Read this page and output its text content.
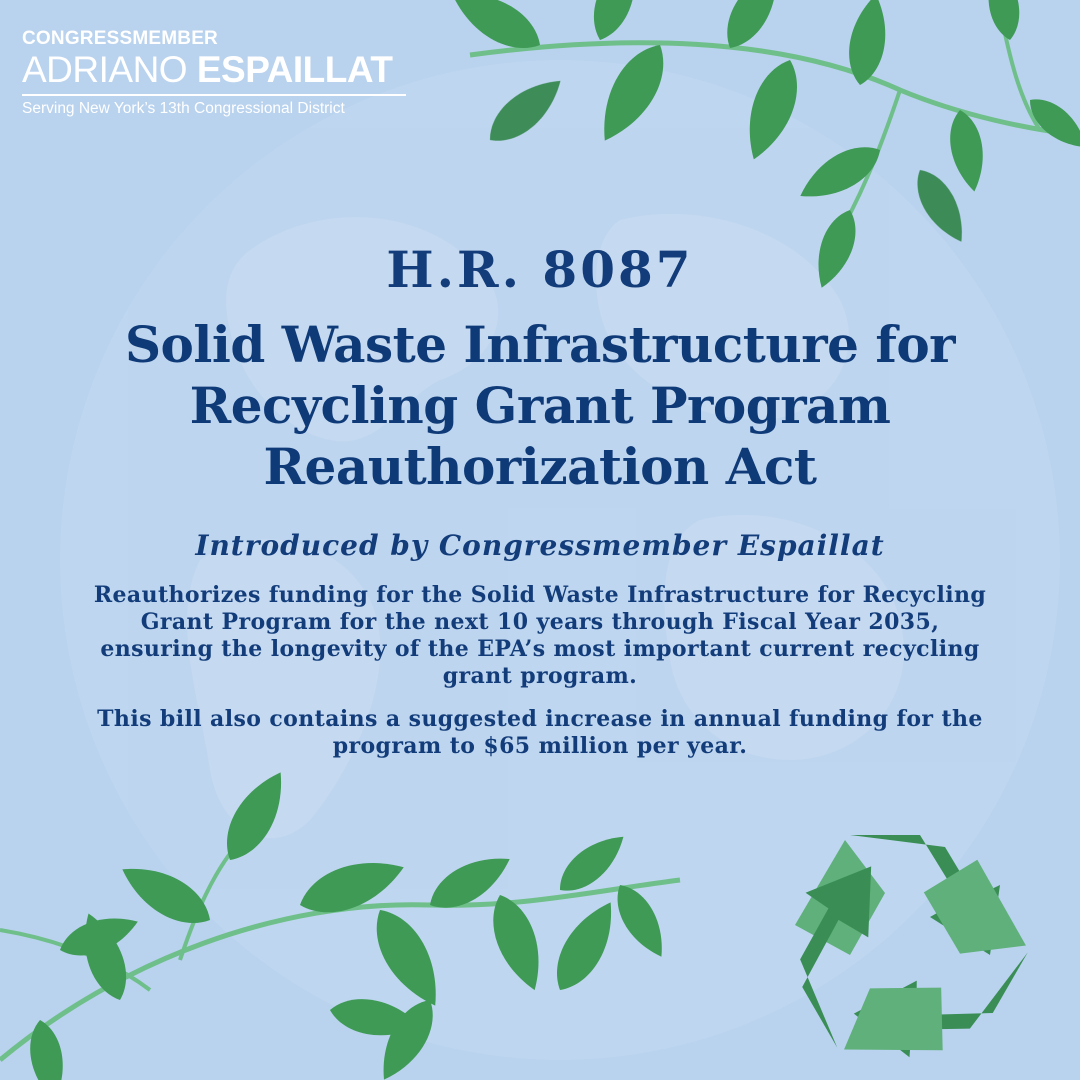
CONGRESSMEMBER
ADRIANO ESPAILLAT
Serving New York’s 13th Congressional District
H.R. 8087
Solid Waste Infrastructure for
Recycling Grant Program
Reauthorization Act
Introduced by Congressmember Espaillat
Reauthorizes funding for the Solid Waste Infrastructure for Recycling Grant Program for the next 10 years through Fiscal Year 2035, ensuring the longevity of the EPA’s most important current recycling grant program.
This bill also contains a suggested increase in annual funding for the program to $65 million per year.
